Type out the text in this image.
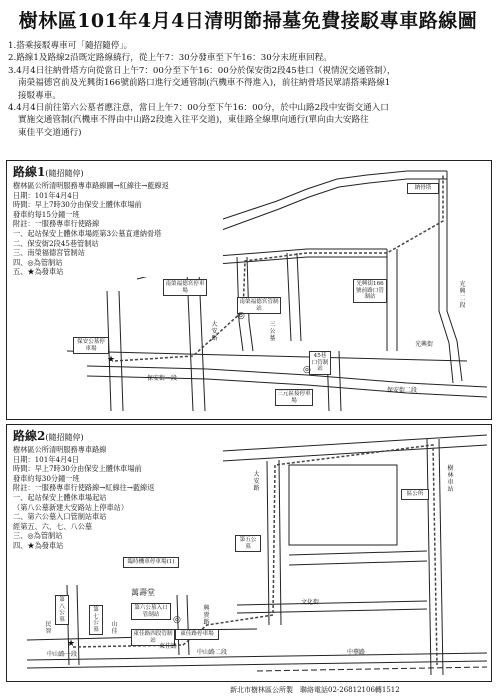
樹林區101年4月4日清明節掃墓免費接駁專車路線圖
1.搭乘接駁專車可「隨招隨停」。
2.路線1及路線2沿既定路線繞行，從上午7：30分發車至下午16：30分末班車回程。
3.4月4日往納骨塔方向從當日上午7：00分至下午16：00分於保安街2段45巷口（視情況交通管制），
南榮福德宮前及光興街166號前路口進行交通管制(汽機車不得進入)，前往納骨塔民眾請搭乘路線1
接駁專車。
4.4月4日前往第六公墓者應注意，當日上午7：00分至下午16：00分，於中山路2段中安街交通入口
實施交通管制(汽機車不得由中山路2段進入往平交道)，東佳路全線單向通行(單向由大安路往
東佳平交道通行)
路線1(隨招隨停)
樹林區公所清明服務專車路線圖→紅線往→藍線返
日期：101年4月4日
時間：早上7時30分由保安上體休車場前
發車約每15分鐘一班
附註：一服務專車行使路線
一、起站保安上體休車場經第3公墓直達納骨塔
二、保安街2段45巷管制站
三、南榮福德宮管制站
四、◎為管制站
五、★為發車站
納骨塔
南榮福德宮停車場
南榮福德宮管制站
光興街166號前路口管制站
保安公墓停車場
45巷口管制站
三元區接停車場
保安街一段
保安街二段
大安路
三公墓
光興二段
光興街
★
◎
◎
路線2(隨招隨停)
樹林區公所清明服務專車路線
日期：101年4月4日
時間：早上7時30分由保安上體休車場前
發車約每30分鐘一班
附註：一服務專車行使路線→紅線往→藍線返
一、起站保安上體休車場起站
（第八公墓新建大安路站上停車站）
二、第六公墓入口管制站車站
經第五、六、七、八公墓
三、◎為管制站
四、★為發車站
臨時機車停車場(1)
萬壽堂
第五公墓
第六公墓入口管制站
第七公墓
第八公墓
東佳路四段管制站
東佳路停車場
區公所
文化街
大安路
中華路
樹林車站
中山路一段	中山路二段
興貴路
民智
山佳
東佳路
★
◎
新北市樹林區公所製　聯絡電話02-26812106轉1512
